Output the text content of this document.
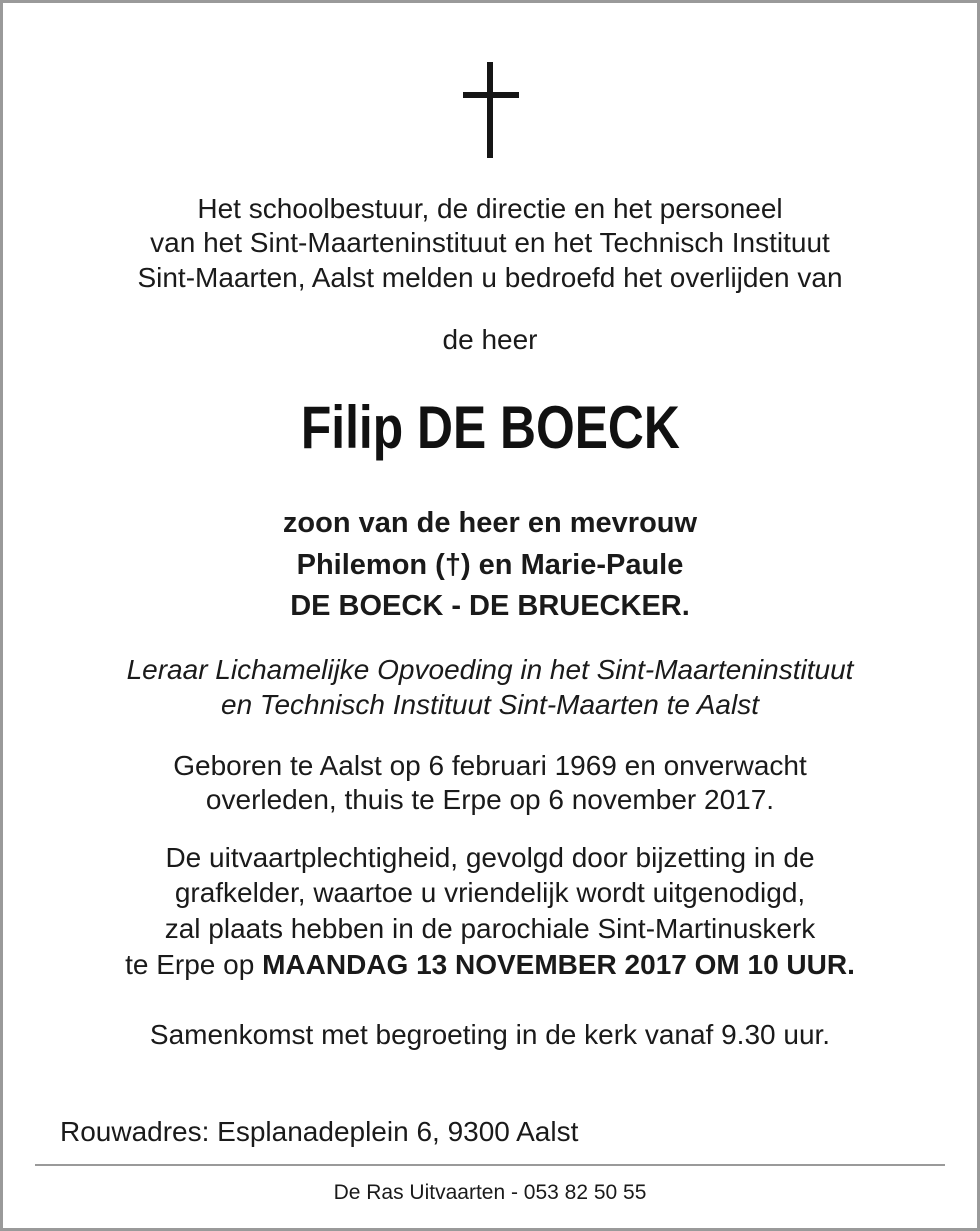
Het schoolbestuur, de directie en het personeel
van het Sint-Maarteninstituut en het Technisch Instituut
Sint-Maarten, Aalst melden u bedroefd het overlijden van
de heer
Filip DE BOECK
zoon van de heer en mevrouw
Philemon (†) en Marie-Paule
DE BOECK - DE BRUECKER.
Leraar Lichamelijke Opvoeding in het Sint-Maarteninstituut
en Technisch Instituut Sint-Maarten te Aalst
Geboren te Aalst op 6 februari 1969 en onverwacht
overleden, thuis te Erpe op 6 november 2017.
De uitvaartplechtigheid, gevolgd door bijzetting in de
grafkelder, waartoe u vriendelijk wordt uitgenodigd,
zal plaats hebben in de parochiale Sint-Martinuskerk
te Erpe op MAANDAG 13 NOVEMBER 2017 OM 10 UUR.
Samenkomst met begroeting in de kerk vanaf 9.30 uur.
Rouwadres: Esplanadeplein 6, 9300 Aalst
De Ras Uitvaarten - 053 82 50 55
